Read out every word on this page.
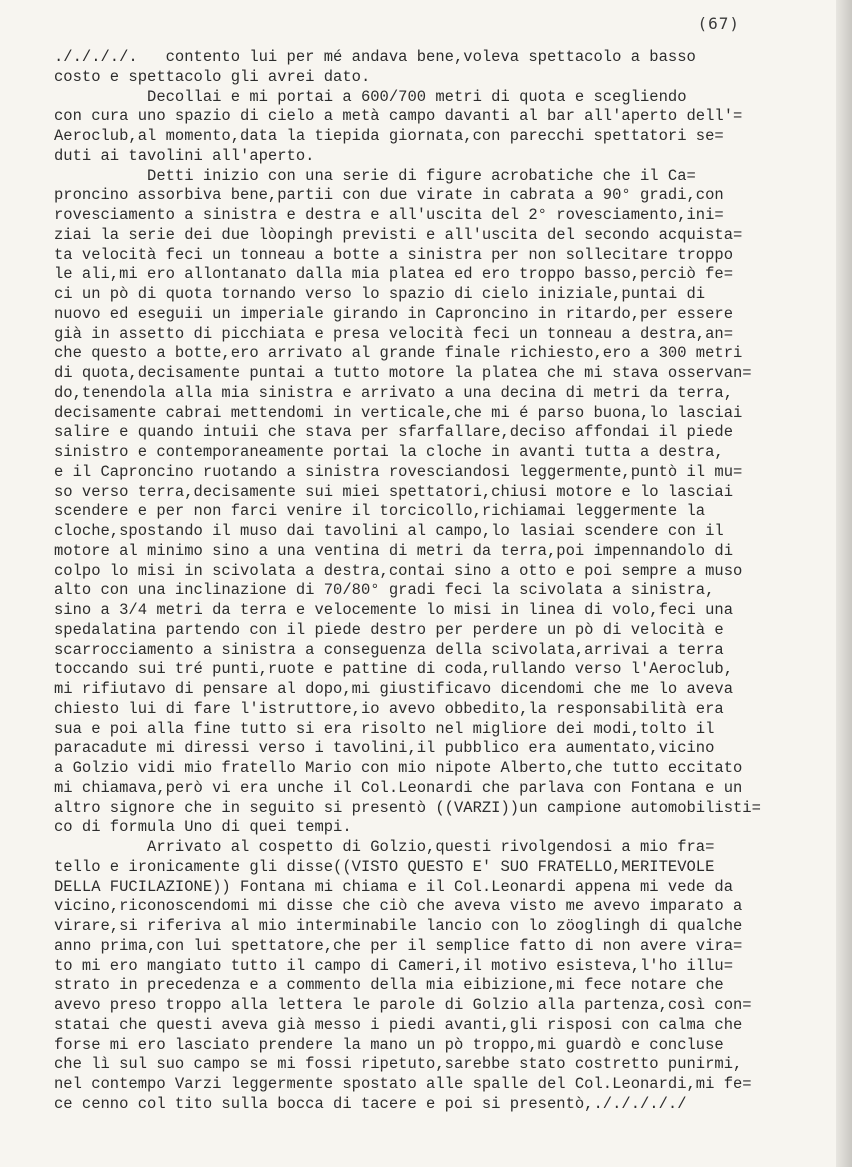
(67)
././././.   contento lui per mé andava bene,voleva spettacolo a basso
costo e spettacolo gli avrei dato.
Decollai e mi portai a 600/700 metri di quota e scegliendo
con cura uno spazio di cielo a metà campo davanti al bar all'aperto dell'=
Aeroclub,al momento,data la tiepida giornata,con parecchi spettatori se=
duti ai tavolini all'aperto.
Detti inizio con una serie di figure acrobatiche che il Ca=
proncino assorbiva bene,partii con due virate in cabrata a 90° gradi,con
rovesciamento a sinistra e destra e all'uscita del 2° rovesciamento,ini=
ziai la serie dei due lòopingh previsti e all'uscita del secondo acquista=
ta velocità feci un tonneau a botte a sinistra per non sollecitare troppo
le ali,mi ero allontanato dalla mia platea ed ero troppo basso,perciò fe=
ci un pò di quota tornando verso lo spazio di cielo iniziale,puntai di
nuovo ed eseguii un imperiale girando in Caproncino in ritardo,per essere
già in assetto di picchiata e presa velocità feci un tonneau a destra,an=
che questo a botte,ero arrivato al grande finale richiesto,ero a 300 metri
di quota,decisamente puntai a tutto motore la platea che mi stava osservan=
do,tenendola alla mia sinistra e arrivato a una decina di metri da terra,
decisamente cabrai mettendomi in verticale,che mi é parso buona,lo lasciai
salire e quando intuii che stava per sfarfallare,deciso affondai il piede
sinistro e contemporaneamente portai la cloche in avanti tutta a destra,
e il Caproncino ruotando a sinistra rovesciandosi leggermente,puntò il mu=
so verso terra,decisamente sui miei spettatori,chiusi motore e lo lasciai
scendere e per non farci venire il torcicollo,richiamai leggermente la
cloche,spostando il muso dai tavolini al campo,lo lasiai scendere con il
motore al minimo sino a una ventina di metri da terra,poi impennandolo di
colpo lo misi in scivolata a destra,contai sino a otto e poi sempre a muso
alto con una inclinazione di 70/80° gradi feci la scivolata a sinistra,
sino a 3/4 metri da terra e velocemente lo misi in linea di volo,feci una
spedalatina partendo con il piede destro per perdere un pò di velocità e
scarrocciamento a sinistra a conseguenza della scivolata,arrivai a terra
toccando sui tré punti,ruote e pattine di coda,rullando verso l'Aeroclub,
mi rifiutavo di pensare al dopo,mi giustificavo dicendomi che me lo aveva
chiesto lui di fare l'istruttore,io avevo obbedito,la responsabilità era
sua e poi alla fine tutto si era risolto nel migliore dei modi,tolto il
paracadute mi diressi verso i tavolini,il pubblico era aumentato,vicino
a Golzio vidi mio fratello Mario con mio nipote Alberto,che tutto eccitato
mi chiamava,però vi era unche il Col.Leonardi che parlava con Fontana e un
altro signore che in seguito si presentò ((VARZI))un campione automobilisti=
co di formula Uno di quei tempi.
Arrivato al cospetto di Golzio,questi rivolgendosi a mio fra=
tello e ironicamente gli disse((VISTO QUESTO E' SUO FRATELLO,MERITEVOLE
DELLA FUCILAZIONE)) Fontana mi chiama e il Col.Leonardi appena mi vede da
vicino,riconoscendomi mi disse che ciò che aveva visto me avevo imparato a
virare,si riferiva al mio interminabile lancio con lo zöoglingh di qualche
anno prima,con lui spettatore,che per il semplice fatto di non avere vira=
to mi ero mangiato tutto il campo di Cameri,il motivo esisteva,l'ho illu=
strato in precedenza e a commento della mia eibizione,mi fece notare che
avevo preso troppo alla lettera le parole di Golzio alla partenza,così con=
statai che questi aveva già messo i piedi avanti,gli risposi con calma che
forse mi ero lasciato prendere la mano un pò troppo,mi guardò e concluse
che lì sul suo campo se mi fossi ripetuto,sarebbe stato costretto punirmi,
nel contempo Varzi leggermente spostato alle spalle del Col.Leonardi,mi fe=
ce cenno col tito sulla bocca di tacere e poi si presentò,./././././
